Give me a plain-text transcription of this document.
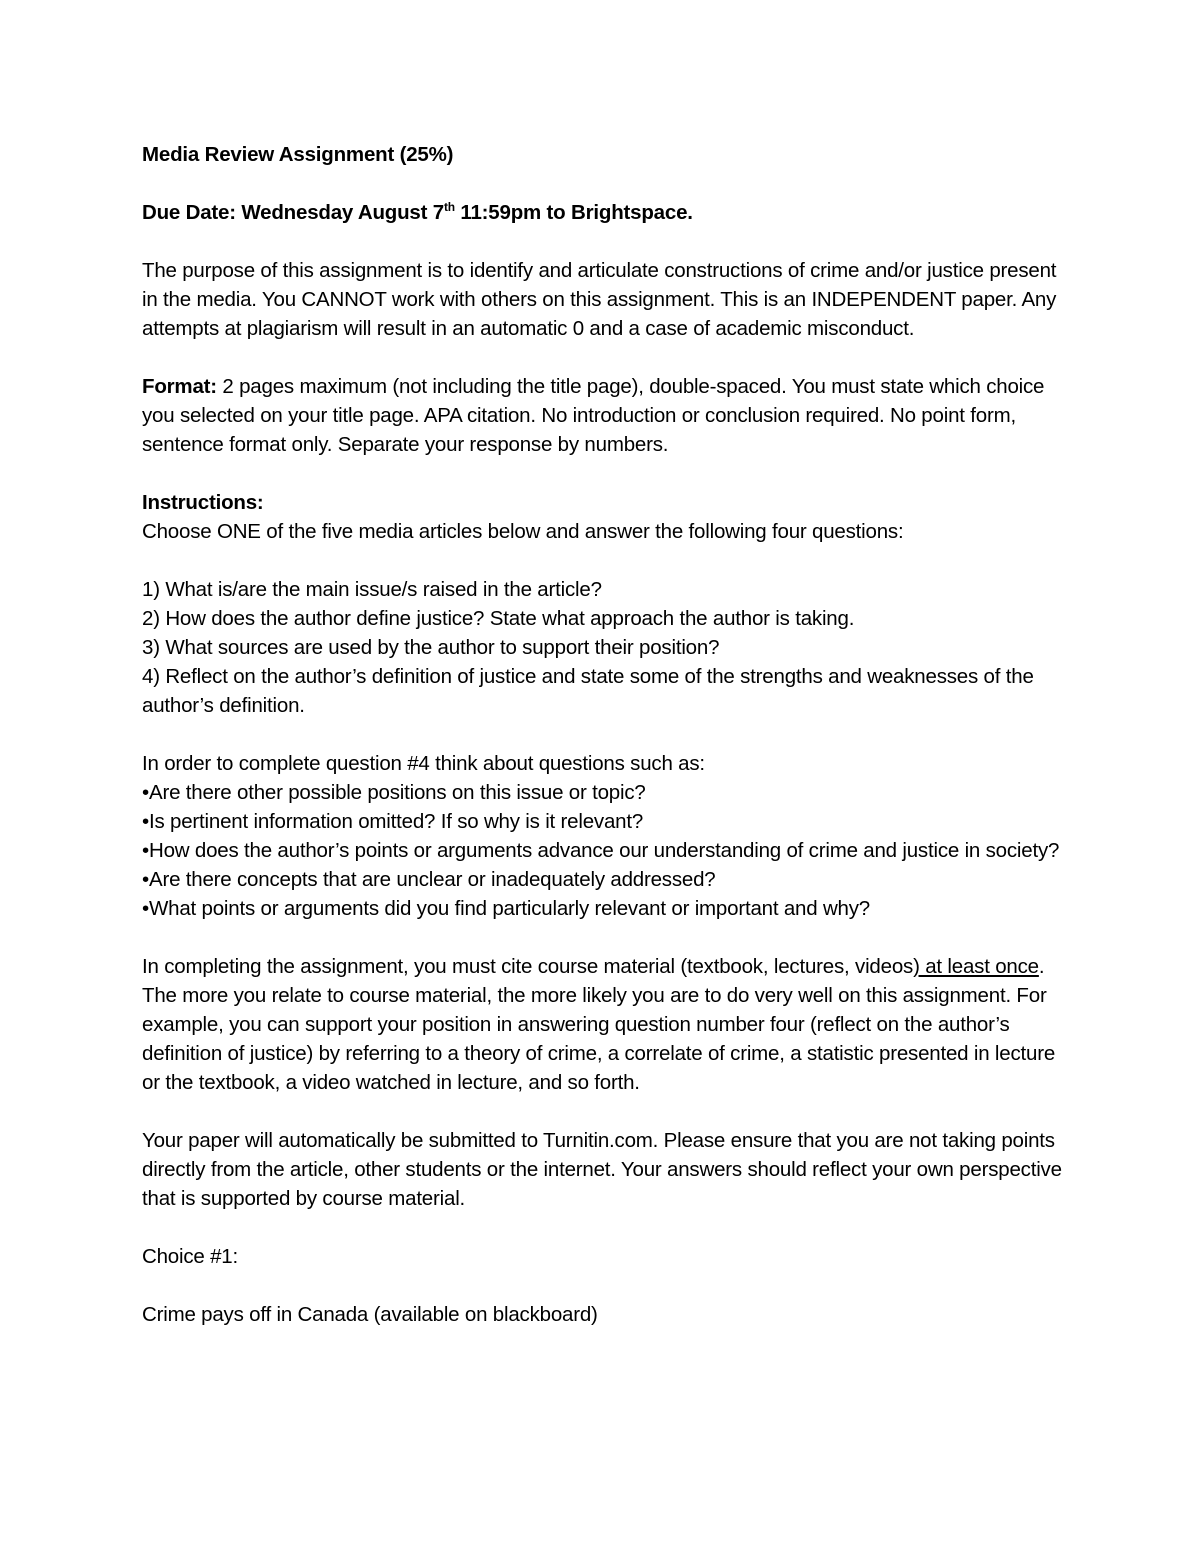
Media Review Assignment (25%)

Due Date: Wednesday August 7th 11:59pm to Brightspace.

The purpose of this assignment is to identify and articulate constructions of crime and/or justice present in the media. You CANNOT work with others on this assignment. This is an INDEPENDENT paper. Any attempts at plagiarism will result in an automatic 0 and a case of academic misconduct.

Format: 2 pages maximum (not including the title page), double-spaced. You must state which choice you selected on your title page. APA citation. No introduction or conclusion required. No point form, sentence format only. Separate your response by numbers.

Instructions:

Choose ONE of the five media articles below and answer the following four questions:

1) What is/are the main issue/s raised in the article?
2) How does the author define justice? State what approach the author is taking.
3) What sources are used by the author to support their position?
4) Reflect on the author’s definition of justice and state some of the strengths and weaknesses of the author’s definition.
In order to complete question #4 think about questions such as:
•Are there other possible positions on this issue or topic?
•Is pertinent information omitted? If so why is it relevant?
•How does the author’s points or arguments advance our understanding of crime and justice in society?
•Are there concepts that are unclear or inadequately addressed?
•What points or arguments did you find particularly relevant or important and why?

In completing the assignment, you must cite course material (textbook, lectures, videos) at least once. The more you relate to course material, the more likely you are to do very well on this assignment. For example, you can support your position in answering question number four (reflect on the author’s definition of justice) by referring to a theory of crime, a correlate of crime, a statistic presented in lecture or the textbook, a video watched in lecture, and so forth.

Your paper will automatically be submitted to Turnitin.com. Please ensure that you are not taking points directly from the article, other students or the internet. Your answers should reflect your own perspective that is supported by course material.

Choice #1:

Crime pays off in Canada (available on blackboard)
